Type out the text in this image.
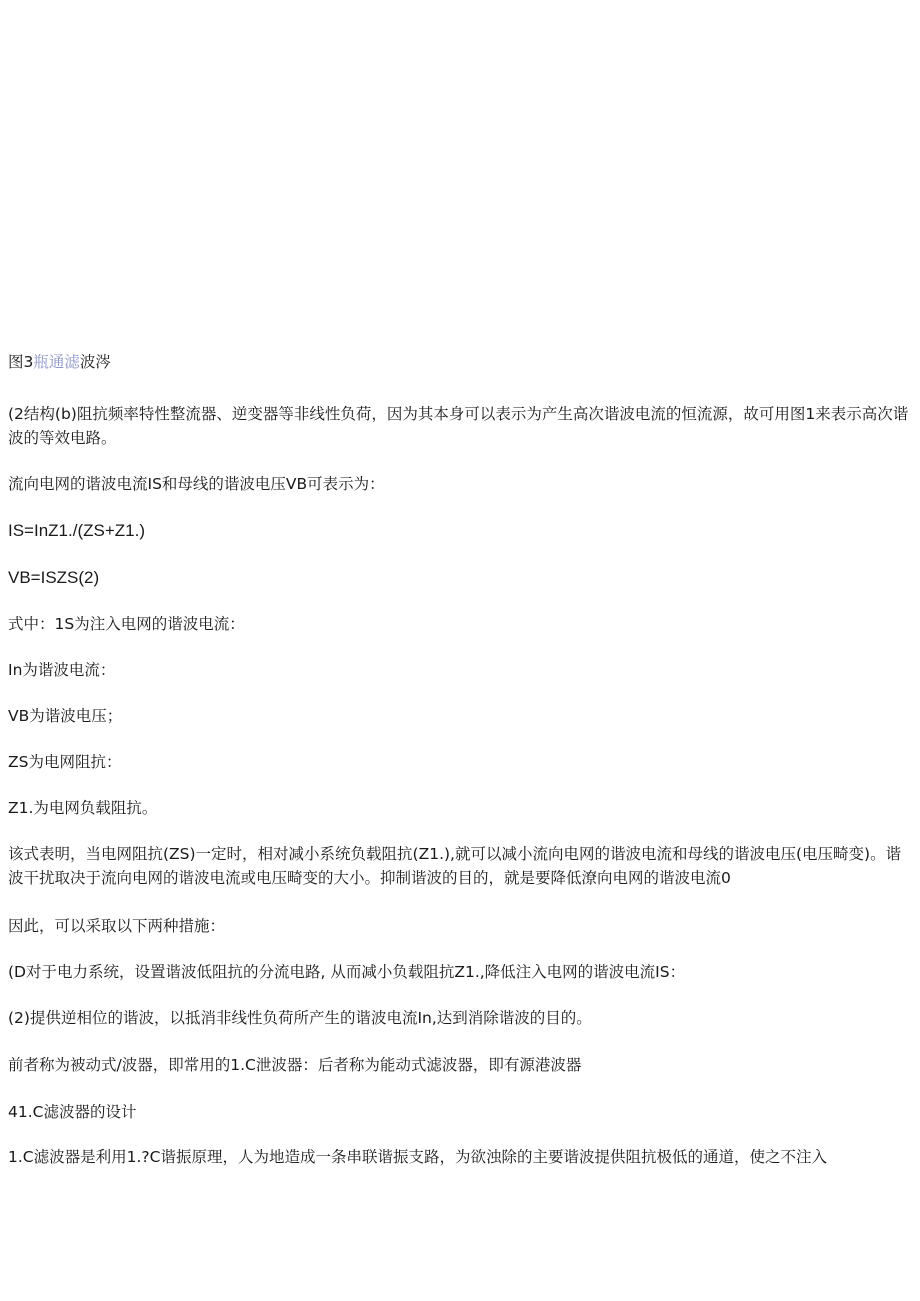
图3瓶通滤波涔

(2结构(b)阻抗频率特性整流器、逆变器等非线性负荷，因为其本身可以表示为产生高次谐波电流的恒流源，故可用图1来表示高次谐波的等效电路。

流向电网的谐波电流IS和母线的谐波电压VB可表示为：

IS=InZ1./(ZS+Z1.)

VB=ISZS(2)

式中：1S为注入电网的谐波电流：

In为谐波电流：

VB为谐波电压；

ZS为电网阻抗：

Z1.为电网负载阻抗。

该式表明，当电网阻抗(ZS)一定时，相对减小系统负载阻抗(Z1.),就可以减小流向电网的谐波电流和母线的谐波电压(电压畸变)。谐波干扰取决于流向电网的谐波电流或电压畸变的大小。抑制谐波的目的，就是要降低潦向电网的谐波电流0

因此，可以采取以下两种措施：

(D对于电力系统，设置谐波低阻抗的分流电路, 从而减小负载阻抗Z1.,降低注入电网的谐波电流IS：

(2)提供逆相位的谐波，以抵消非线性负荷所产生的谐波电流In,达到消除谐波的目的。

前者称为被动式/波器，即常用的1.C泄波器：后者称为能动式滤波器，即有源港波器

41.C滤波器的设计

1.C滤波器是利用1.?C谐振原理，人为地造成一条串联谐振支路，为欲浊除的主要谐波提供阻抗极低的通道，使之不注入
